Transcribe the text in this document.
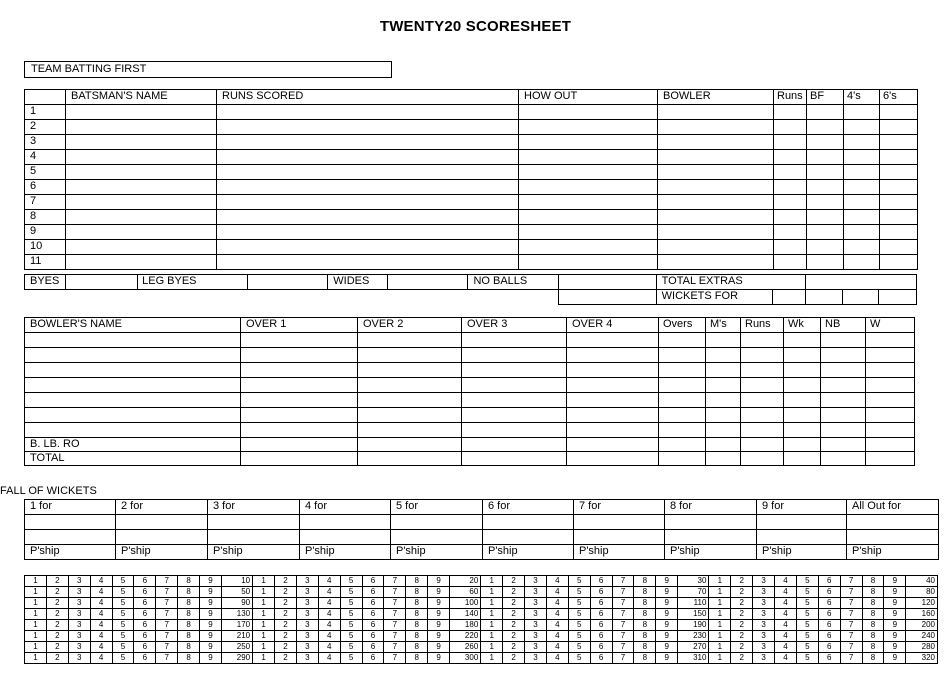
TWENTY20 SCORESHEET
TEAM BATTING FIRST
	BATSMAN'S NAME	RUNS SCORED	HOW OUT	BOWLER	Runs	BF	4's	6's
1								
2								
3								
4								
5								
6								
7								
8								
9								
10								
11								
BYES		LEG BYES		WIDES		NO BALLS		TOTAL EXTRAS				
								WICKETS FOR				
BOWLER'S NAME	OVER 1	OVER 2	OVER 3	OVER 4	Overs	M's	Runs	Wk	NB	W

B. LB. RO										
TOTAL										
FALL OF WICKETS
1 for	2 for	3 for	4 for	5 for	6 for	7 for	8 for	9 for	All Out for

P'ship	P'ship	P'ship	P'ship	P'ship	P'ship	P'ship	P'ship	P'ship	P'ship
1	2	3	4	5	6	7	8	9	10	1	2	3	4	5	6	7	8	9	20	1	2	3	4	5	6	7	8	9	30	1	2	3	4	5	6	7	8	9	40
1	2	3	4	5	6	7	8	9	50	1	2	3	4	5	6	7	8	9	60	1	2	3	4	5	6	7	8	9	70	1	2	3	4	5	6	7	8	9	80
1	2	3	4	5	6	7	8	9	90	1	2	3	4	5	6	7	8	9	100	1	2	3	4	5	6	7	8	9	110	1	2	3	4	5	6	7	8	9	120
1	2	3	4	5	6	7	8	9	130	1	2	3	4	5	6	7	8	9	140	1	2	3	4	5	6	7	8	9	150	1	2	3	4	5	6	7	8	9	160
1	2	3	4	5	6	7	8	9	170	1	2	3	4	5	6	7	8	9	180	1	2	3	4	5	6	7	8	9	190	1	2	3	4	5	6	7	8	9	200
1	2	3	4	5	6	7	8	9	210	1	2	3	4	5	6	7	8	9	220	1	2	3	4	5	6	7	8	9	230	1	2	3	4	5	6	7	8	9	240
1	2	3	4	5	6	7	8	9	250	1	2	3	4	5	6	7	8	9	260	1	2	3	4	5	6	7	8	9	270	1	2	3	4	5	6	7	8	9	280
1	2	3	4	5	6	7	8	9	290	1	2	3	4	5	6	7	8	9	300	1	2	3	4	5	6	7	8	9	310	1	2	3	4	5	6	7	8	9	320
